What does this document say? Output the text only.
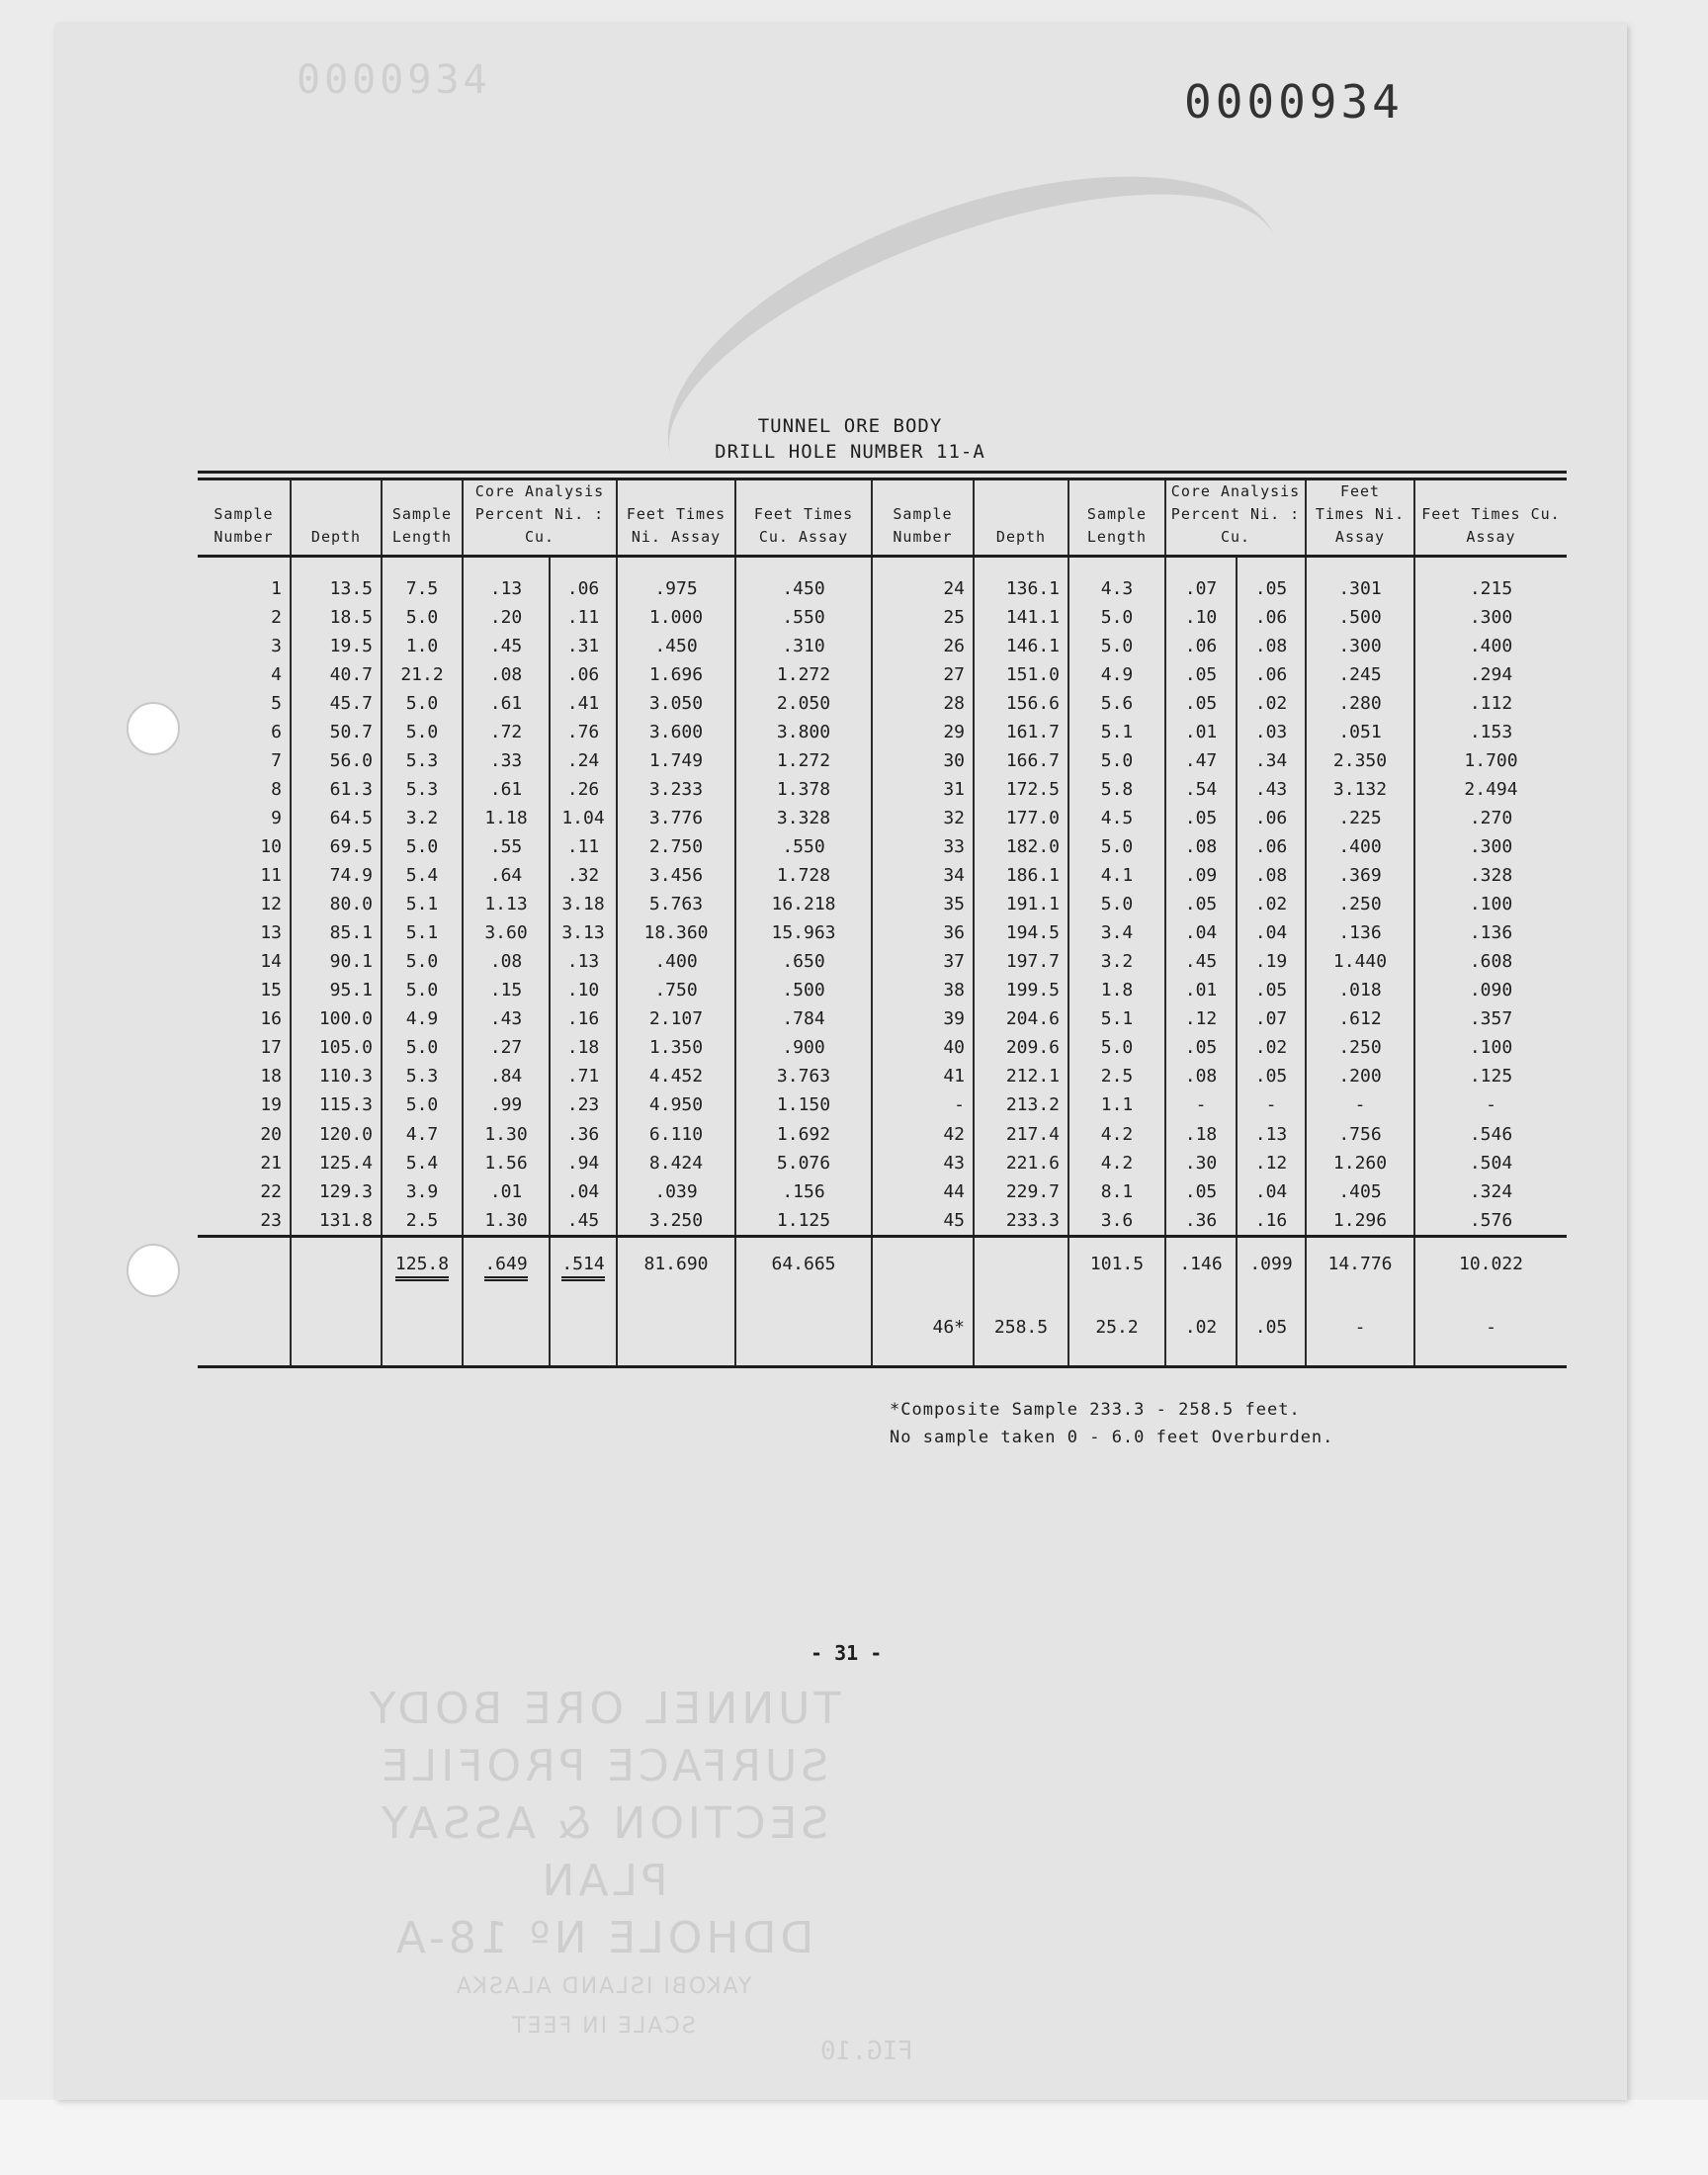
0000934	0000934
TUNNEL ORE BODY
DRILL HOLE NUMBER 11-A

Sample Number	Depth	Sample Length	Core Analysis Percent Ni. : Cu.		Feet Times Ni. Assay	Feet Times Cu. Assay	Sample Number	Depth	Sample Length	Core Analysis Percent Ni. : Cu.		Feet Times Ni. Assay	Feet Times Cu. Assay

1	13.5	7.5	.13	.06	.975	.450	24	136.1	4.3	.07	.05	.301	.215
2	18.5	5.0	.20	.11	1.000	.550	25	141.1	5.0	.10	.06	.500	.300
3	19.5	1.0	.45	.31	.450	.310	26	146.1	5.0	.06	.08	.300	.400
4	40.7	21.2	.08	.06	1.696	1.272	27	151.0	4.9	.05	.06	.245	.294
5	45.7	5.0	.61	.41	3.050	2.050	28	156.6	5.6	.05	.02	.280	.112
6	50.7	5.0	.72	.76	3.600	3.800	29	161.7	5.1	.01	.03	.051	.153
7	56.0	5.3	.33	.24	1.749	1.272	30	166.7	5.0	.47	.34	2.350	1.700
8	61.3	5.3	.61	.26	3.233	1.378	31	172.5	5.8	.54	.43	3.132	2.494
9	64.5	3.2	1.18	1.04	3.776	3.328	32	177.0	4.5	.05	.06	.225	.270
10	69.5	5.0	.55	.11	2.750	.550	33	182.0	5.0	.08	.06	.400	.300
11	74.9	5.4	.64	.32	3.456	1.728	34	186.1	4.1	.09	.08	.369	.328
12	80.0	5.1	1.13	3.18	5.763	16.218	35	191.1	5.0	.05	.02	.250	.100
13	85.1	5.1	3.60	3.13	18.360	15.963	36	194.5	3.4	.04	.04	.136	.136
14	90.1	5.0	.08	.13	.400	.650	37	197.7	3.2	.45	.19	1.440	.608
15	95.1	5.0	.15	.10	.750	.500	38	199.5	1.8	.01	.05	.018	.090
16	100.0	4.9	.43	.16	2.107	.784	39	204.6	5.1	.12	.07	.612	.357
17	105.0	5.0	.27	.18	1.350	.900	40	209.6	5.0	.05	.02	.250	.100
18	110.3	5.3	.84	.71	4.452	3.763	41	212.1	2.5	.08	.05	.200	.125
19	115.3	5.0	.99	.23	4.950	1.150	-	213.2	1.1	-	-	-	-
20	120.0	4.7	1.30	.36	6.110	1.692	42	217.4	4.2	.18	.13	.756	.546
21	125.4	5.4	1.56	.94	8.424	5.076	43	221.6	4.2	.30	.12	1.260	.504
22	129.3	3.9	.01	.04	.039	.156	44	229.7	8.1	.05	.04	.405	.324
23	131.8	2.5	1.30	.45	3.250	1.125	45	233.3	3.6	.36	.16	1.296	.576
		125.8	.649	.514	81.690	64.665			101.5	.146	.099	14.776	10.022
							46*	258.5	25.2	.02	.05	-	-
*Composite Sample 233.3 - 258.5 feet.
No sample taken 0 - 6.0 feet Overburden.
- 31 -
TUNNEL ORE BODY
SURFACE PROFILE
SECTION & ASSAY PLAN
DDHOLE Nº 18-A
YAKOBI ISLAND ALASKA
SCALE IN FEET
FIG.10
